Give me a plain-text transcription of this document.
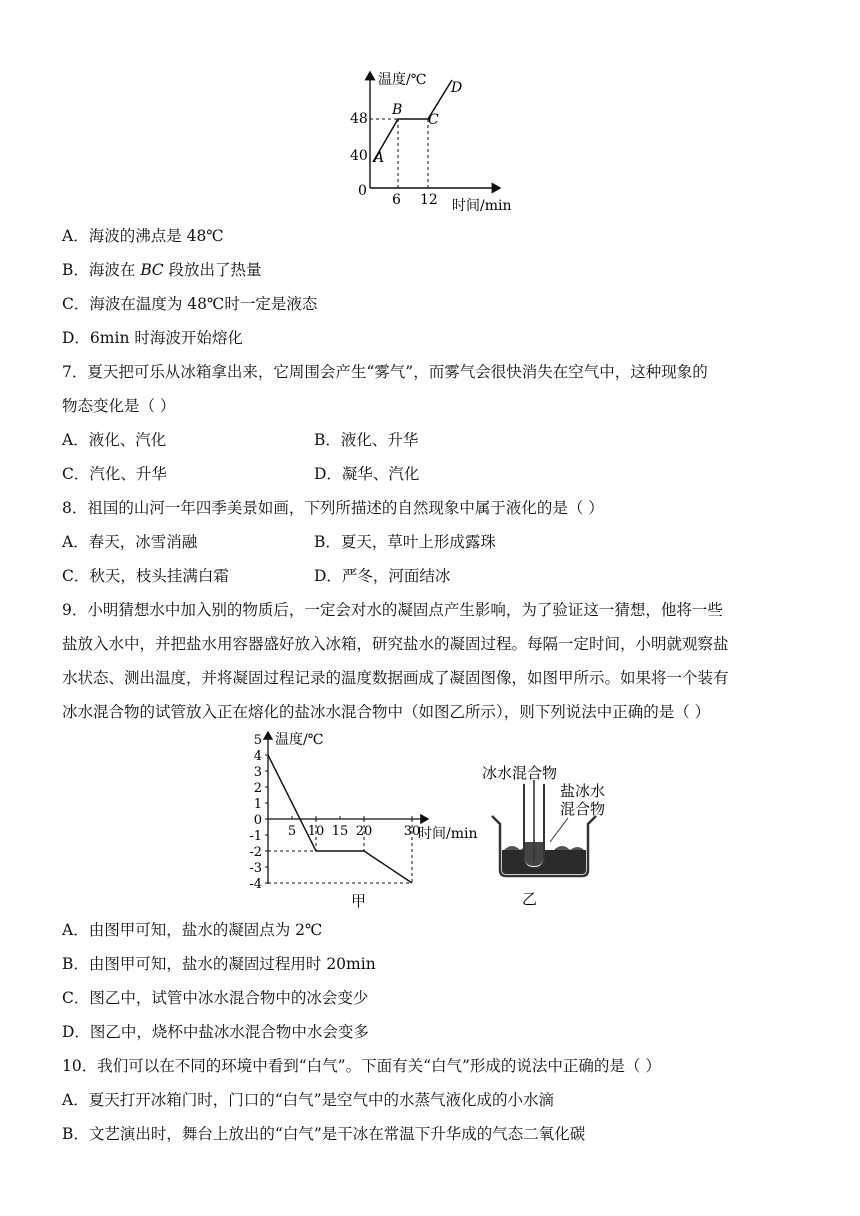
温度/℃
时间/min
48
40
0
6 12
A
B
C
D
A．海波的沸点是 48℃
B．海波在 𝐵𝐶 段放出了热量
C．海波在温度为 48℃时一定是液态
D．6min 时海波开始熔化
7．夏天把可乐从冰箱拿出来，它周围会产生“雾气”，而雾气会很快消失在空气中，这种现象的
物态变化是（ ）
A．液化、汽化	B．液化、升华
C．汽化、升华	D．凝华、汽化
8．祖国的山河一年四季美景如画，下列所描述的自然现象中属于液化的是（ ）
A．春天，冰雪消融	B．夏天，草叶上形成露珠
C．秋天，枝头挂满白霜	D．严冬，河面结冰
9．小明猜想水中加入别的物质后，一定会对水的凝固点产生影响，为了验证这一猜想，他将一些
盐放入水中，并把盐水用容器盛好放入冰箱，研究盐水的凝固过程。每隔一定时间，小明就观察盐
水状态、测出温度，并将凝固过程记录的温度数据画成了凝固图像，如图甲所示。如果将一个装有
冰水混合物的试管放入正在熔化的盐冰水混合物中（如图乙所示），则下列说法中正确的是（ ）
5
4
3
2
1
0
-1
-2
-3
-4
5 10 15 20 30
温度/℃
时间/min
甲
冰水混合物
盐冰水
混合物
乙
A．由图甲可知，盐水的凝固点为 2℃
B．由图甲可知，盐水的凝固过程用时 20min
C．图乙中，试管中冰水混合物中的冰会变少
D．图乙中，烧杯中盐冰水混合物中水会变多
10．我们可以在不同的环境中看到“白气”。下面有关“白气”形成的说法中正确的是（ ）
A．夏天打开冰箱门时，门口的“白气”是空气中的水蒸气液化成的小水滴
B．文艺演出时，舞台上放出的“白气”是干冰在常温下升华成的气态二氧化碳
